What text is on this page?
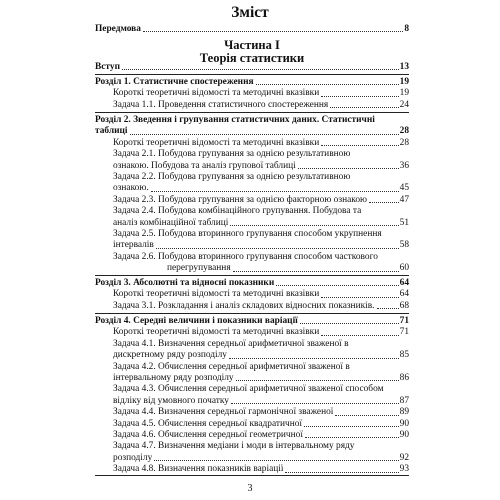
Зміст
Передмова	8
Частина І
Теорія статистики
Вступ	13
Розділ 1. Статистичне спостереження	19
Короткі теоретичні відомості та методичні вказівки	19
Задача 1.1. Проведення статистичного спостереження	24
Розділ 2. Зведення і групування статистичних даних. Статистичні
таблиці	28
Короткі теоретичні відомості та методичні вказівки	28
Задача 2.1. Побудова групування за однією результативною
ознакою. Побудова та аналіз групової таблиці	36
Задача 2.2. Побудова групування за однією результативною
ознакою.	45
Задача 2.3. Побудова групування за однією факторною ознакою	47
Задача 2.4. Побудова комбінаційного групування. Побудова та
аналіз комбінаційної таблиці	51
Задача 2.5. Побудова вторинного групування способом укрупнення
інтервалів	58
Задача 2.6. Побудова вторинного групування способом часткового
перегрупування	60
Розділ 3. Абсолютні та відносні показники	64
Короткі теоретичні відомості та методичні вказівки	64
Задача 3.1. Розкладання і аналіз складових відносних показників.	68
Розділ 4. Середні величини і показники варіації	71
Короткі теоретичні відомості та методичні вказівки	71
Задача 4.1. Визначення середньої арифметичної зваженої в
дискретному ряду розподілу	85
Задача 4.2. Обчислення середньої арифметичної зваженої в
інтервальному ряду розподілу	86
Задача 4.3. Обчислення середньої арифметичної зваженої способом
відліку від умовного початку	87
Задача 4.4. Визначення середньої гармонічної зваженої	89
Задача 4.5. Обчислення середньої квадратичної	90
Задача 4.6. Обчислення середньої геометричної	90
Задача 4.7. Визначення медіани і моди в інтервальному ряду
розподілу	92
Задача 4.8. Визначення показників варіації	93
3
